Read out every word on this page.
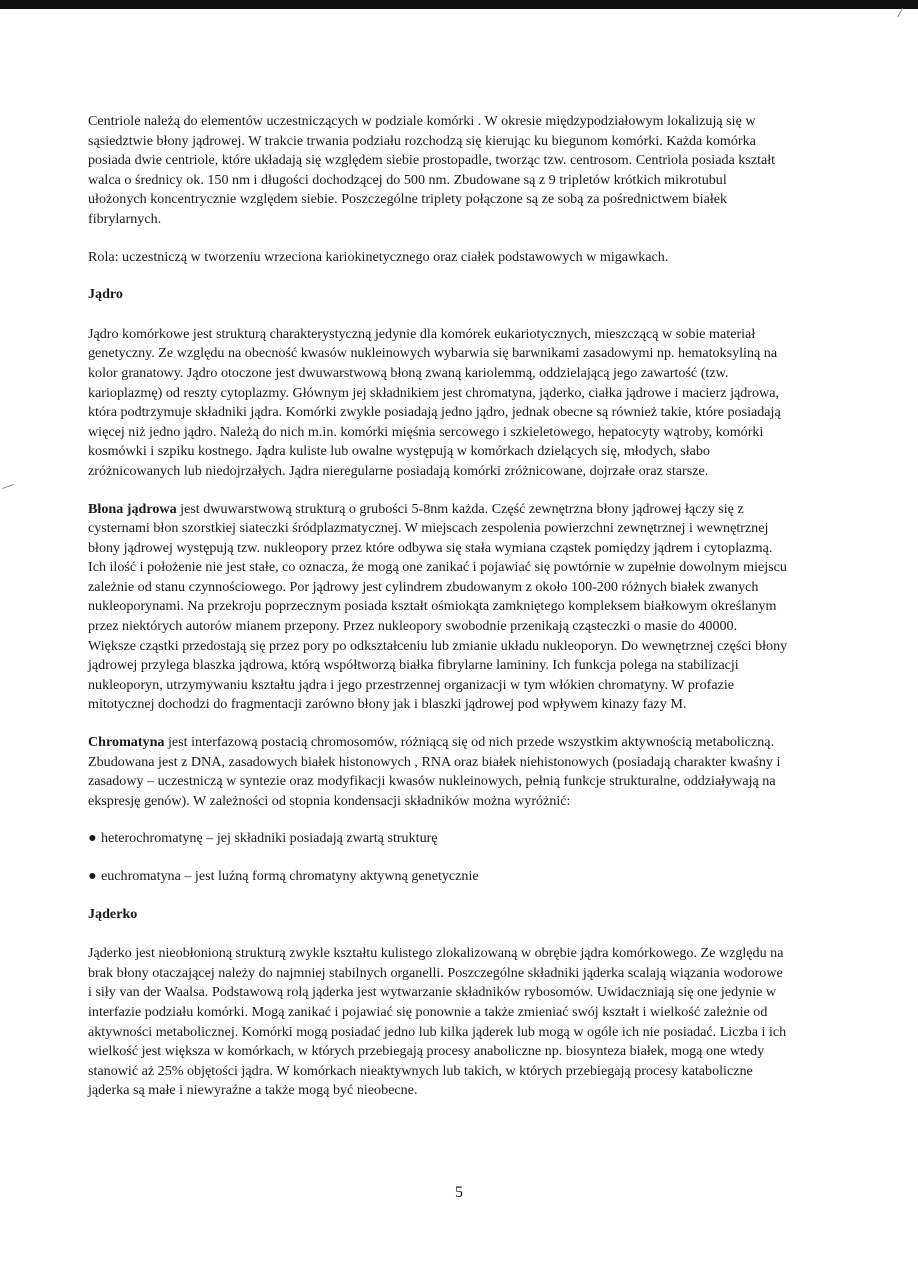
Centriole należą do elementów uczestniczących w podziale komórki . W okresie międzypodziałowym lokalizują się w sąsiedztwie błony jądrowej. W trakcie trwania podziału rozchodzą się kierując ku biegunom komórki. Każda komórka posiada dwie centriole, które układają się względem siebie prostopadle, tworząc tzw. centrosom. Centriola posiada kształt walca o średnicy ok. 150 nm i długości dochodzącej do 500 nm. Zbudowane są z 9 tripletów krótkich mikrotubul ułożonych koncentrycznie względem siebie. Poszczególne triplety połączone są ze sobą za pośrednictwem białek fibrylarnych.

Rola: uczestniczą w tworzeniu wrzeciona kariokinetycznego oraz ciałek podstawowych w migawkach.

Jądro

Jądro komórkowe jest strukturą charakterystyczną jedynie dla komórek eukariotycznych, mieszczącą w sobie materiał genetyczny. Ze względu na obecność kwasów nukleinowych wybarwia się barwnikami zasadowymi np. hematoksyliną na kolor granatowy. Jądro otoczone jest dwuwarstwową błoną zwaną kariolemmą, oddzielającą jego zawartość (tzw. karioplazmę) od reszty cytoplazmy. Głównym jej składnikiem jest chromatyna, jąderko, ciałka jądrowe i macierz jądrowa, która podtrzymuje składniki jądra. Komórki zwykle posiadają jedno jądro, jednak obecne są również takie, które posiadają więcej niż jedno jądro. Należą do nich m.in. komórki mięśnia sercowego i szkieletowego, hepatocyty wątroby, komórki kosmówki i szpiku kostnego. Jądra kuliste lub owalne występują w komórkach dzielących się, młodych, słabo zróżnicowanych lub niedojrzałych. Jądra nieregularne posiadają komórki zróżnicowane, dojrzałe oraz starsze.

Błona jądrowa jest dwuwarstwową strukturą o grubości 5-8nm każda. Część zewnętrzna błony jądrowej łączy się z cysternami błon szorstkiej siateczki śródplazmatycznej. W miejscach zespolenia powierzchni zewnętrznej i wewnętrznej błony jądrowej występują tzw. nukleopory przez które odbywa się stała wymiana cząstek pomiędzy jądrem i cytoplazmą. Ich ilość i położenie nie jest stałe, co oznacza, że mogą one zanikać i pojawiać się powtórnie w zupełnie dowolnym miejscu zależnie od stanu czynnościowego. Por jądrowy jest cylindrem zbudowanym z około 100-200 różnych białek zwanych nukleoporynami. Na przekroju poprzecznym posiada kształt ośmiokąta zamkniętego kompleksem białkowym określanym przez niektórych autorów mianem przepony. Przez nukleopory swobodnie przenikają cząsteczki o masie do 40000. Większe cząstki przedostają się przez pory po odkształceniu lub zmianie układu nukleoporyn. Do wewnętrznej części błony jądrowej przylega blaszka jądrowa, którą współtworzą białka fibrylarne lamininy. Ich funkcja polega na stabilizacji nukleoporyn, utrzymywaniu kształtu jądra i jego przestrzennej organizacji w tym włókien chromatyny. W profazie mitotycznej dochodzi do fragmentacji zarówno błony jak i blaszki jądrowej pod wpływem kinazy fazy M.

Chromatyna jest interfazową postacią chromosomów, różniącą się od nich przede wszystkim aktywnością metaboliczną. Zbudowana jest z DNA, zasadowych białek histonowych , RNA oraz białek niehistonowych (posiadają charakter kwaśny i zasadowy – uczestniczą w syntezie oraz modyfikacji kwasów nukleinowych, pełnią funkcje strukturalne, oddziaływają na ekspresję genów). W zależności od stopnia kondensacji składników można wyróżnić:

● heterochromatynę – jej składniki posiadają zwartą strukturę

● euchromatyna – jest luźną formą chromatyny aktywną genetycznie

Jąderko

Jąderko jest nieobłonioną strukturą zwykle kształtu kulistego zlokalizowaną w obrębie jądra komórkowego. Ze względu na brak błony otaczającej należy do najmniej stabilnych organelli. Poszczególne składniki jąderka scalają wiązania wodorowe i siły van der Waalsa. Podstawową rolą jąderka jest wytwarzanie składników rybosomów. Uwidaczniają się one jedynie w interfazie podziału komórki. Mogą zanikać i pojawiać się ponownie a także zmieniać swój kształt i wielkość zależnie od aktywności metabolicznej. Komórki mogą posiadać jedno lub kilka jąderek lub mogą w ogóle ich nie posiadać. Liczba i ich wielkość jest większa w komórkach, w których przebiegają procesy anaboliczne np. biosynteza białek, mogą one wtedy stanowić aż 25% objętości jądra. W komórkach nieaktywnych lub takich, w których przebiegają procesy kataboliczne jąderka są małe i niewyraźne a także mogą być nieobecne.

5
